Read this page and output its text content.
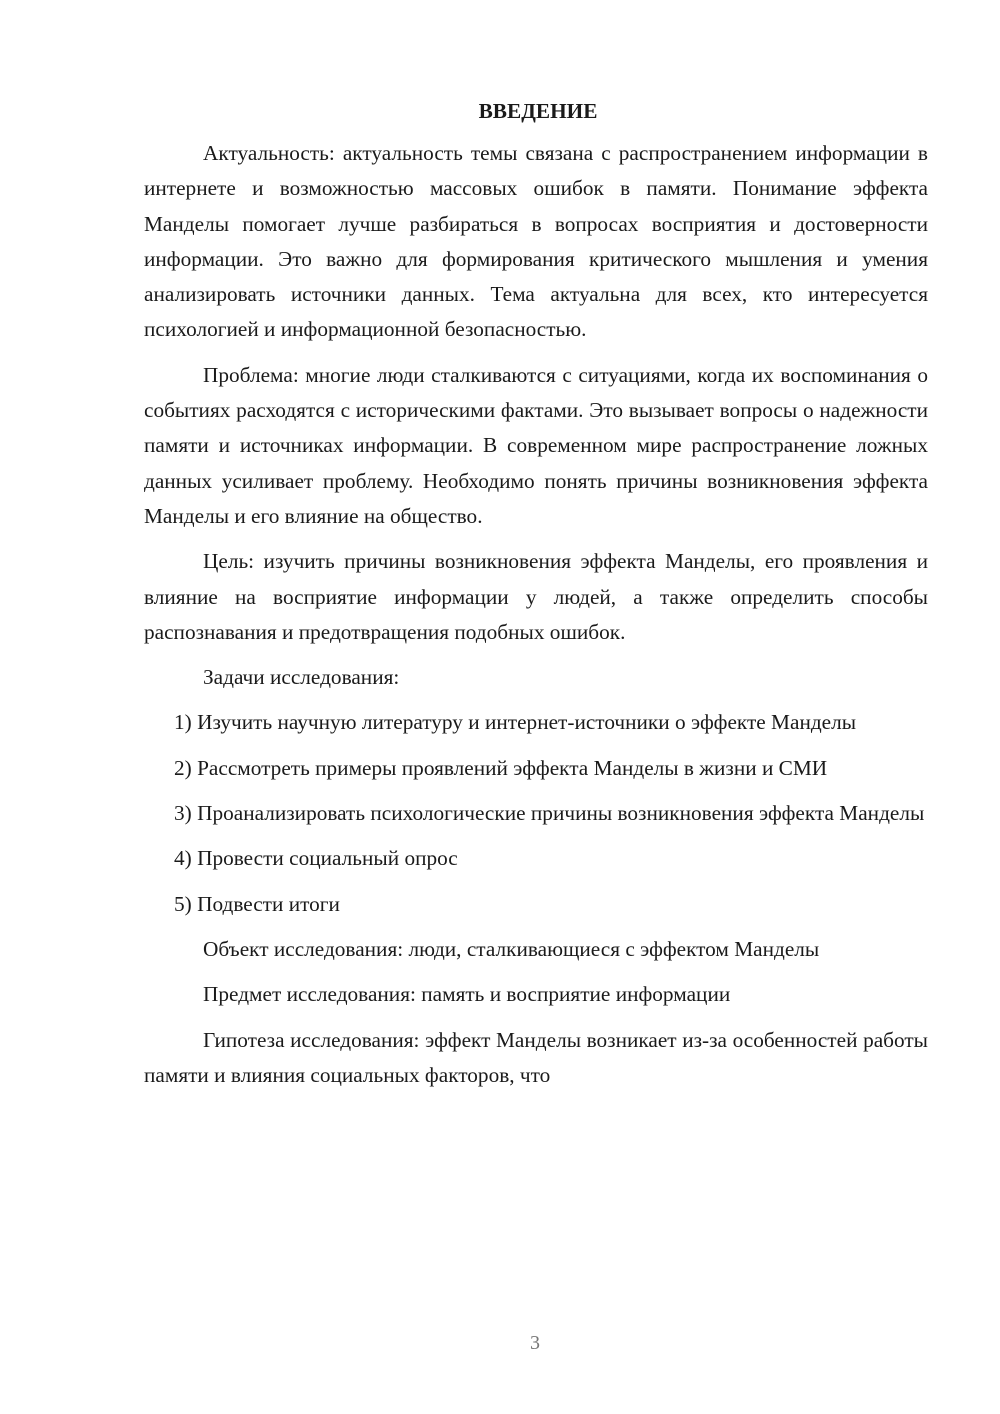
ВВЕДЕНИЕ

Актуальность: актуальность темы связана с распространением информации в интернете и возможностью массовых ошибок в памяти. Понимание эффекта Манделы помогает лучше разбираться в вопросах восприятия и достоверности информации. Это важно для формирования критического мышления и умения анализировать источники данных. Тема актуальна для всех, кто интересуется психологией и информационной безопасностью.

Проблема: многие люди сталкиваются с ситуациями, когда их воспоминания о событиях расходятся с историческими фактами. Это вызывает вопросы о надежности памяти и источниках информации. В современном мире распространение ложных данных усиливает проблему. Необходимо понять причины возникновения эффекта Манделы и его влияние на общество.

Цель: изучить причины возникновения эффекта Манделы, его проявления и влияние на восприятие информации у людей, а также определить способы распознавания и предотвращения подобных ошибок.

Задачи исследования:

1) Изучить научную литературу и интернет-источники о эффекте Манделы

2) Рассмотреть примеры проявлений эффекта Манделы в жизни и СМИ

3) Проанализировать психологические причины возникновения эффекта Манделы

4) Провести социальный опрос

5) Подвести итоги

Объект исследования: люди, сталкивающиеся с эффектом Манделы

Предмет исследования: память и восприятие информации

Гипотеза исследования: эффект Манделы возникает из-за особенностей работы памяти и влияния социальных факторов, что

3
